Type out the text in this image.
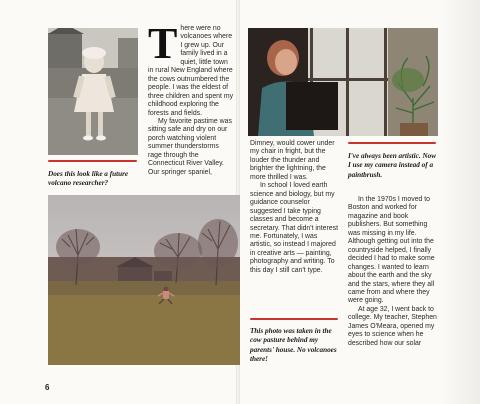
Does this look like a future volcano researcher?

There were no volcanoes where I grew up. Our family lived in a quiet, little town in rural New England where the cows outnumbered the people. I was the eldest of three children and spent my childhood exploring the forests and fields.

My favorite pastime was sitting safe and dry on our porch watching violent summer thunderstorms rage through the Connecticut River Valley. Our springer spaniel,

6

Dimney, would cower under my chair in fright, but the louder the thunder and brighter the lightning, the more thrilled I was.

In school I loved earth science and biology, but my guidance counselor suggested I take typing classes and become a secretary. That didn't interest me. Fortunately, I was artistic, so instead I majored in creative arts — painting, photography and writing. To this day I still can't type.

This photo was taken in the cow pasture behind my parents' house. No volcanoes there!
I've always been artistic. Now I use my camera instead of a paintbrush.

In the 1970s I moved to Boston and worked for magazine and book publishers. But something was missing in my life. Although getting out into the countryside helped, I finally decided I had to make some changes. I wanted to learn about the earth and the sky and the stars, where they all came from and where they were going.

At age 32, I went back to college. My teacher, Stephen James O'Meara, opened my eyes to science when he described how our solar
